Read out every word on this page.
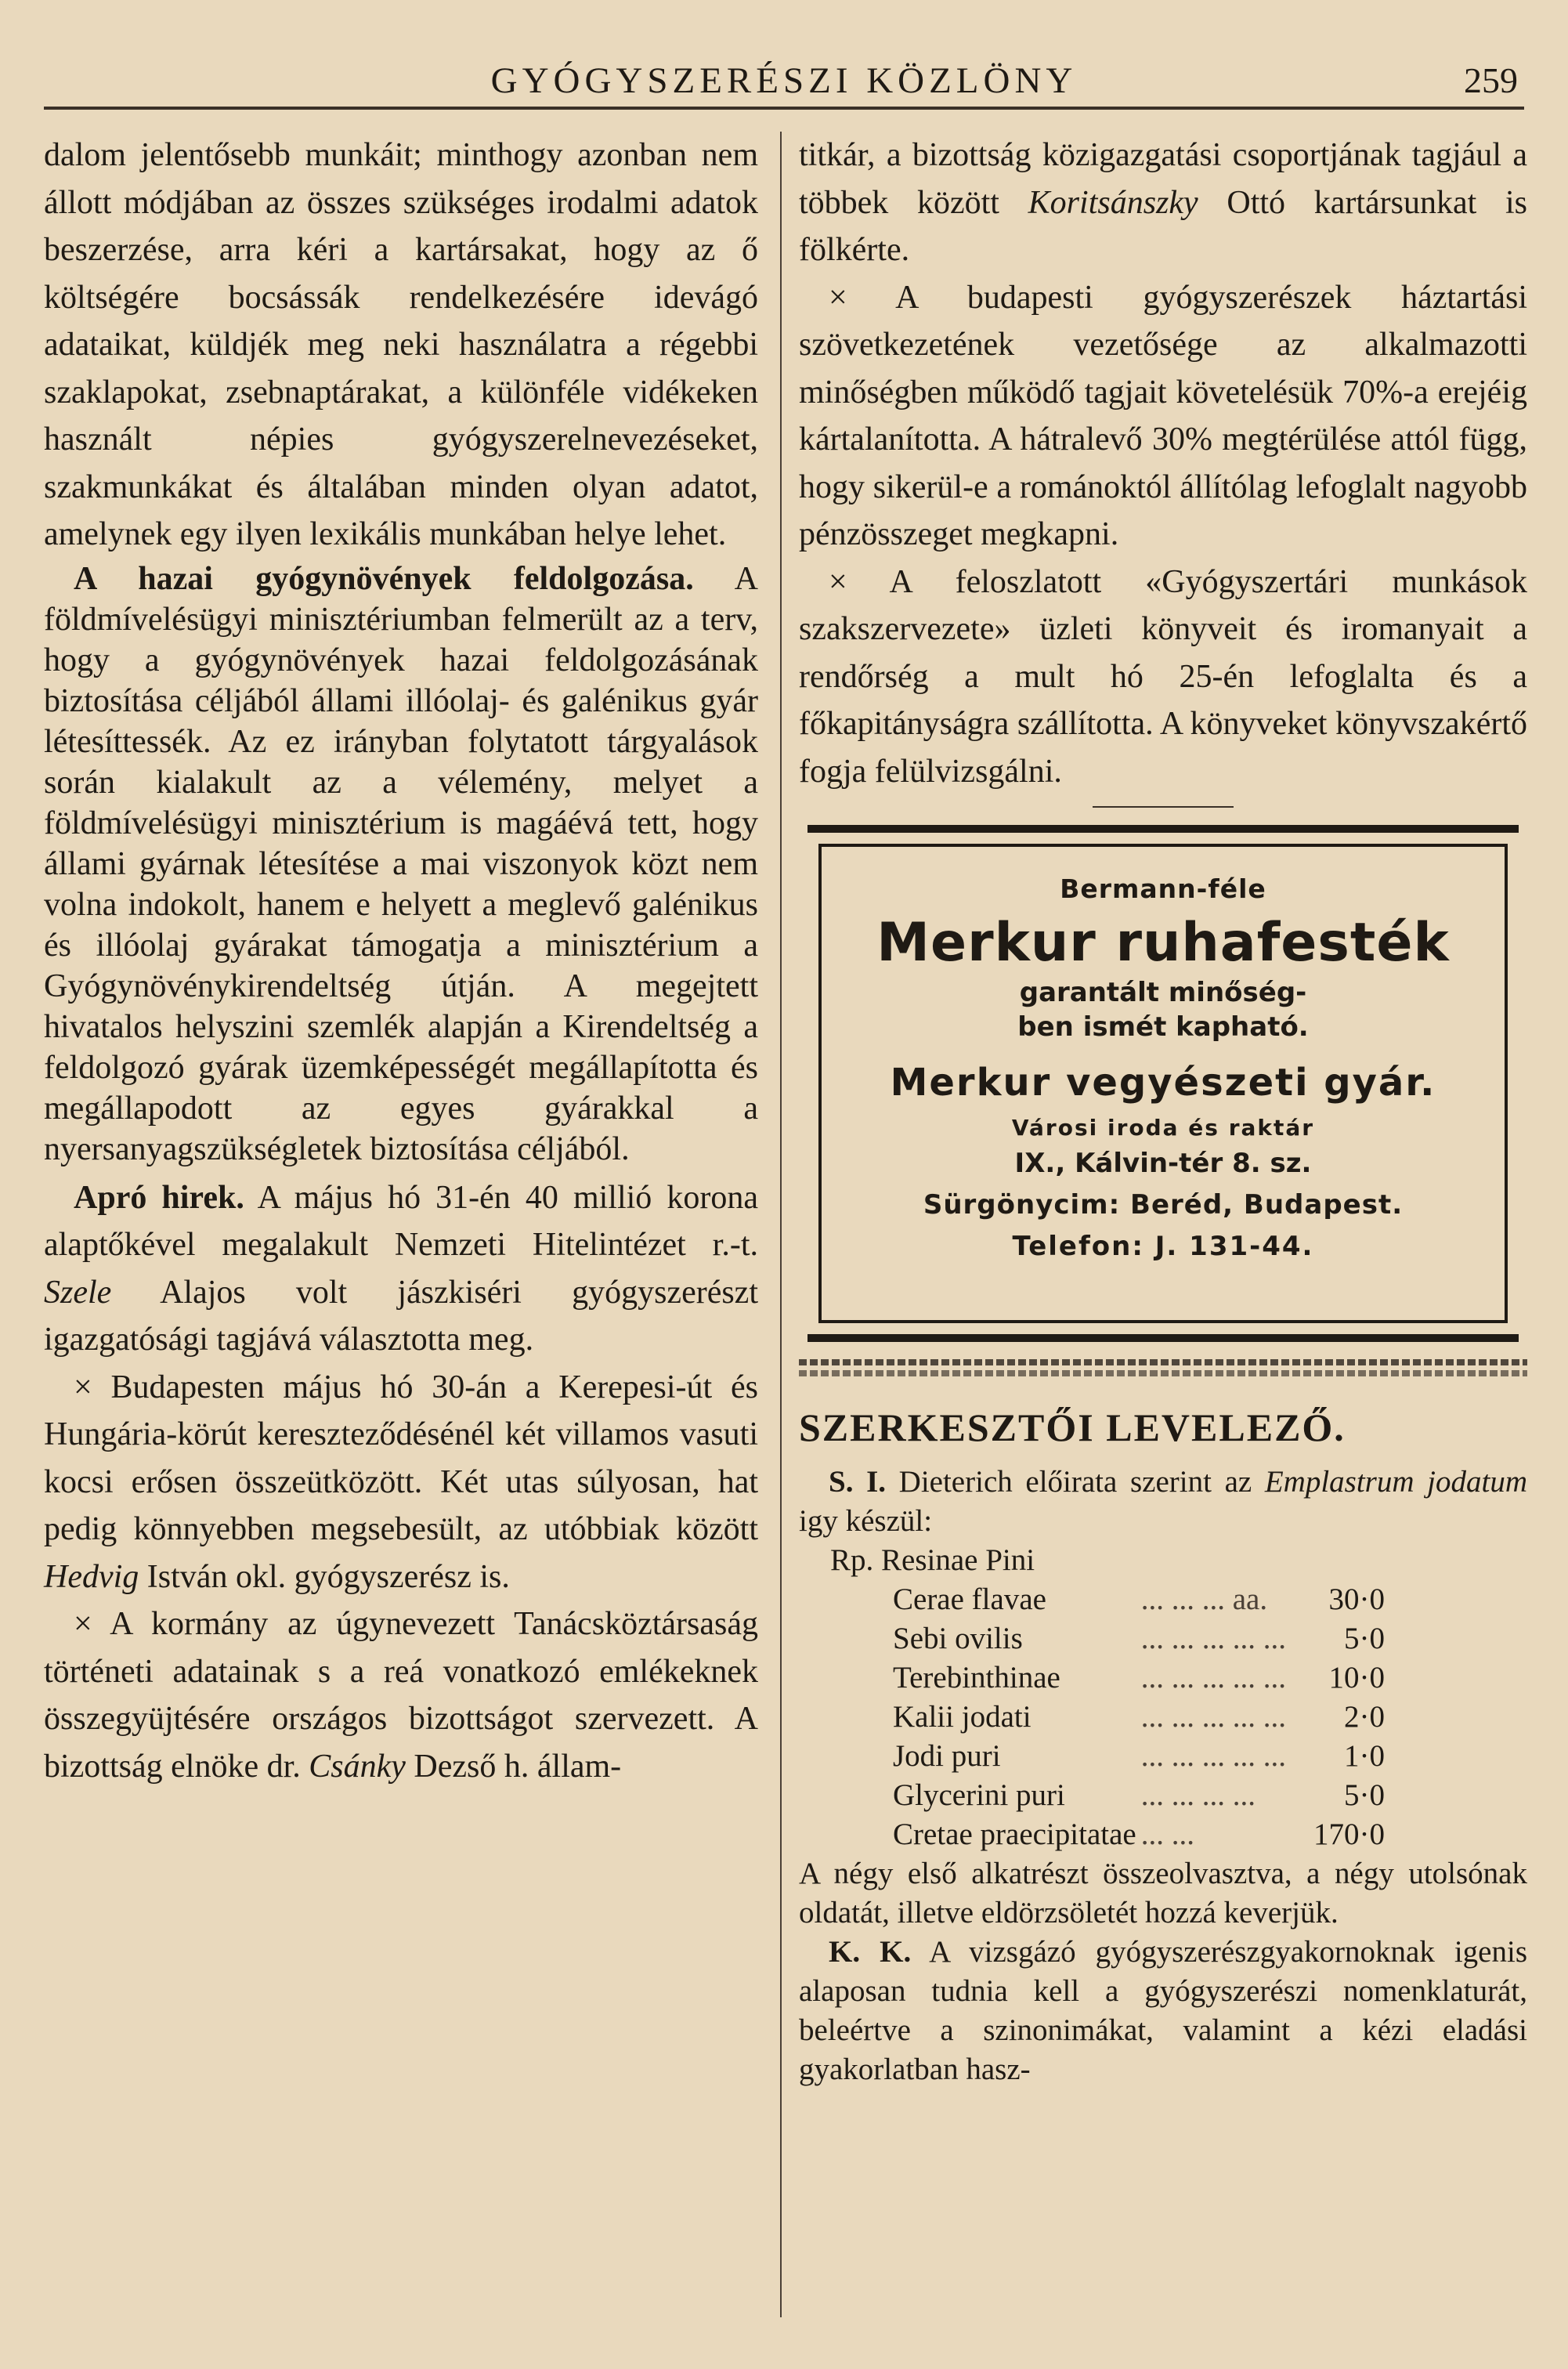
GYÓGYSZERÉSZI KÖZLÖNY	259

dalom jelentősebb munkáit; minthogy azonban nem állott módjában az összes szükséges irodalmi adatok beszerzése, arra kéri a kartársakat, hogy az ő költségére bocsássák rendelkezésére idevágó adataikat, küldjék meg neki használatra a régebbi szaklapokat, zsebnaptárakat, a különféle vidékeken használt népies gyógyszerelnevezéseket, szakmunkákat és általában minden olyan adatot, amelynek egy ilyen lexikális munkában helye lehet.

A hazai gyógynövények feldolgozása. A földmívelésügyi minisztériumban felmerült az a terv, hogy a gyógynövények hazai feldolgozásának biztosítása céljából állami illóolaj- és galénikus gyár létesíttessék. Az ez irányban folytatott tárgyalások során kialakult az a vélemény, melyet a földmívelésügyi minisztérium is magáévá tett, hogy állami gyárnak létesítése a mai viszonyok közt nem volna indokolt, hanem e helyett a meglevő galénikus és illóolaj gyárakat támogatja a minisztérium a Gyógynövénykirendeltség útján. A megejtett hivatalos helyszini szemlék alapján a Kirendeltség a feldolgozó gyárak üzemképességét megállapította és megállapodott az egyes gyárakkal a nyersanyagszükségletek biztosítása céljából.

Apró hirek. A május hó 31-én 40 millió korona alaptőkével megalakult Nemzeti Hitelintézet r.-t. Szele Alajos volt jászkiséri gyógyszerészt igazgatósági tagjává választotta meg.

× Budapesten május hó 30-án a Kerepesi-út és Hungária-körút kereszteződésénél két villamos vasuti kocsi erősen összeütközött. Két utas súlyosan, hat pedig könnyebben megsebesült, az utóbbiak között Hedvig István okl. gyógyszerész is.

× A kormány az úgynevezett Tanácsköztársaság történeti adatainak s a reá vonatkozó emlékeknek összegyüjtésére országos bizottságot szervezett. A bizottság elnöke dr. Csánky Dezső h. állam-

titkár, a bizottság közigazgatási csoportjának tagjául a többek között Koritsánszky Ottó kartársunkat is fölkérte.

× A budapesti gyógyszerészek háztartási szövetkezetének vezetősége az alkalmazotti minőségben működő tagjait követelésük 70%-a erejéig kártalanította. A hátralevő 30% megtérülése attól függ, hogy sikerül-e a románoktól állítólag lefoglalt nagyobb pénzösszeget megkapni.

× A feloszlatott «Gyógyszertári munkások szakszervezete» üzleti könyveit és iromanyait a rendőrség a mult hó 25-én lefoglalta és a főkapitányságra szállította. A könyveket könyvszakértő fogja felülvizsgálni.

Bermann-féle
Merkur ruhafesték
garantált minőség-
ben ismét kapható.
Merkur vegyészeti gyár.
Városi iroda és raktár
IX., Kálvin-tér 8. sz.
Sürgönycim: Beréd, Budapest.
Telefon: J. 131-44.
SZERKESZTŐI LEVELEZŐ.

S. I. Dieterich előirata szerint az Emplastrum jodatum igy készül:

Rp. Resinae Pini

Cerae flavae	... ... ... aa.	30·0
Sebi ovilis	... ... ... ... ...	5·0
Terebinthinae	... ... ... ... ...	10·0
Kalii jodati	... ... ... ... ...	2·0
Jodi puri	... ... ... ... ...	1·0
Glycerini puri	... ... ... ...	5·0
Cretae praecipitatae	... ...	170·0

A négy első alkatrészt összeolvasztva, a négy utolsónak oldatát, illetve eldörzsöletét hozzá keverjük.

K. K. A vizsgázó gyógyszerészgyakornoknak igenis alaposan tudnia kell a gyógyszerészi nomenklaturát, beleértve a szinonimákat, valamint a kézi eladási gyakorlatban hasz-
